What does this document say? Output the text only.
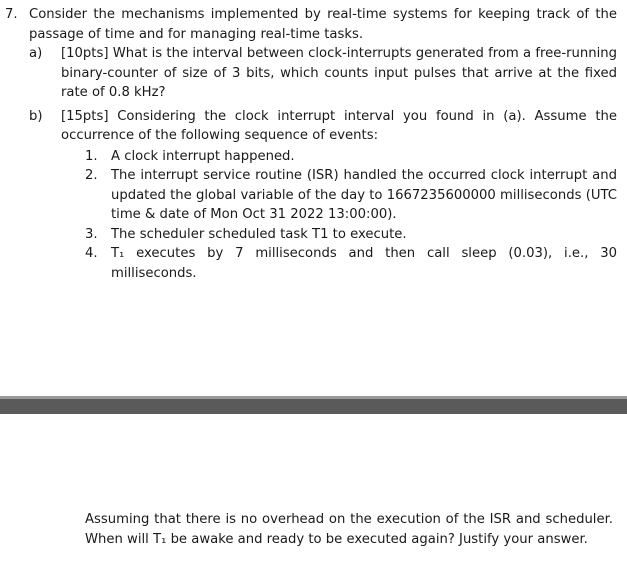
7. Consider the mechanisms implemented by real-time systems for keeping track of the passage of time and for managing real-time tasks.
a)	[10pts] What is the interval between clock-interrupts generated from a free-running binary-counter of size of 3 bits, which counts input pulses that arrive at the fixed rate of 0.8 kHz?
b)	[15pts] Considering the clock interrupt interval you found in (a). Assume the occurrence of the following sequence of events:
1.	A clock interrupt happened.
2.	The interrupt service routine (ISR) handled the occurred clock interrupt and updated the global variable of the day to 1667235600000 milliseconds (UTC time & date of Mon Oct 31 2022 13:00:00).
3.	The scheduler scheduled task T1 to execute.
4.	T₁ executes by 7 milliseconds and then call sleep (0.03), i.e., 30 milliseconds.
Assuming that there is no overhead on the execution of the ISR and scheduler. When will T₁ be awake and ready to be executed again? Justify your answer.
